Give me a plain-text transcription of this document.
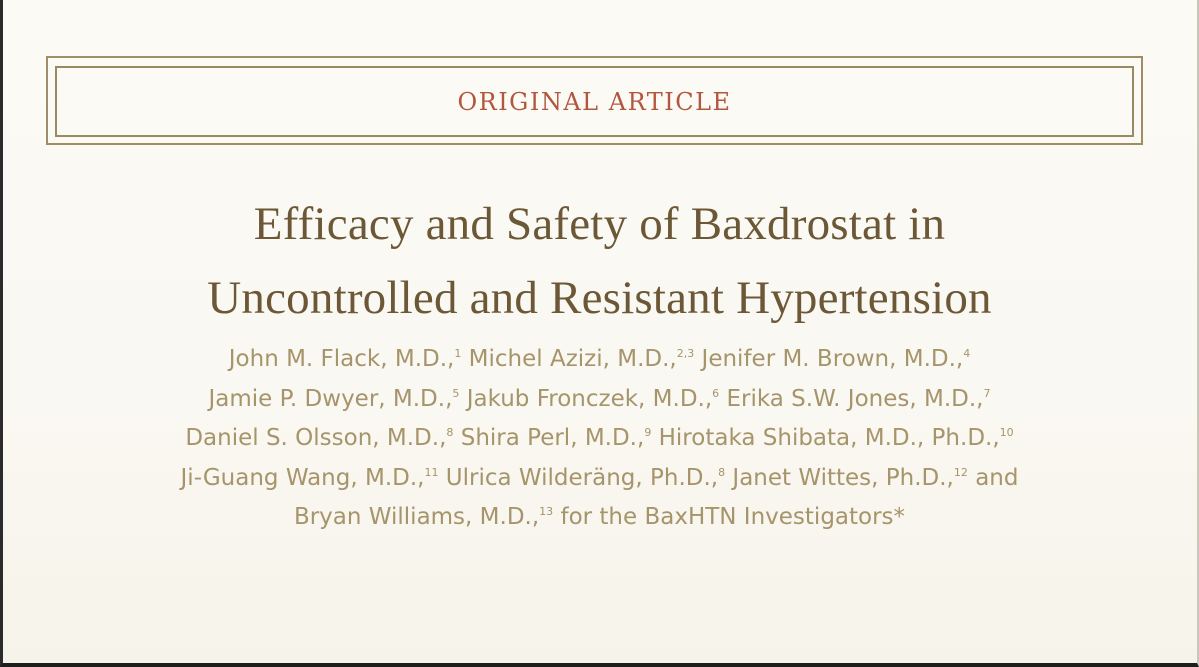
ORIGINAL ARTICLE
Efficacy and Safety of Baxdrostat in
Uncontrolled and Resistant Hypertension
John M. Flack, M.D.,$^1$ Michel Azizi, M.D.,$^{2,3}$ Jenifer M. Brown, M.D.,$^4$
Jamie P. Dwyer, M.D.,$^5$ Jakub Fronczek, M.D.,$^6$ Erika S.W. Jones, M.D.,$^7$
Daniel S. Olsson, M.D.,$^8$ Shira Perl, M.D.,$^9$ Hirotaka Shibata, M.D., Ph.D.,$^{10}$
Ji-Guang Wang, M.D.,$^{11}$ Ulrica Wilderäng, Ph.D.,$^8$ Janet Wittes, Ph.D.,$^{12}$ and
Bryan Williams, M.D.,$^{13}$ for the BaxHTN Investigators*
